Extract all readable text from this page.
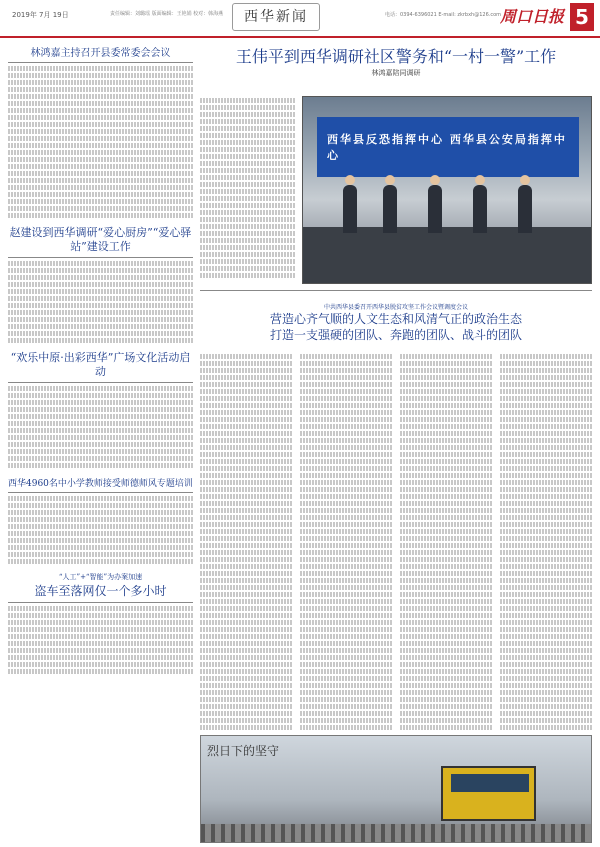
2019年 7月 19日	责任编辑：刘璐瑶 版面编辑：王艳娟 校对：韩海燕	西华新闻	电话：0394-6396021 E-mail: zkrbxh@126.com
周口日报 5
林鸿嘉主持召开县委常委会会议
赵建设到西华调研“爱心厨房”“爱心驿站”建设工作
“欢乐中原·出彩西华”广场文化活动启动
西华4960名中小学教师接受师德师风专题培训
“人工”+“智能”为办案加速
盗车至落网仅一个多小时
王伟平到西华调研社区警务和“一村一警”工作
林鸿嘉陪同调研
西华县反恐指挥中心 西华县公安局指挥中心
中共西华县委召开西华县脱贫攻坚工作会议暨调度会议
营造心齐气顺的人文生态和风清气正的政治生态
打造一支强硬的团队、奔跑的团队、战斗的团队
烈日下的坚守
